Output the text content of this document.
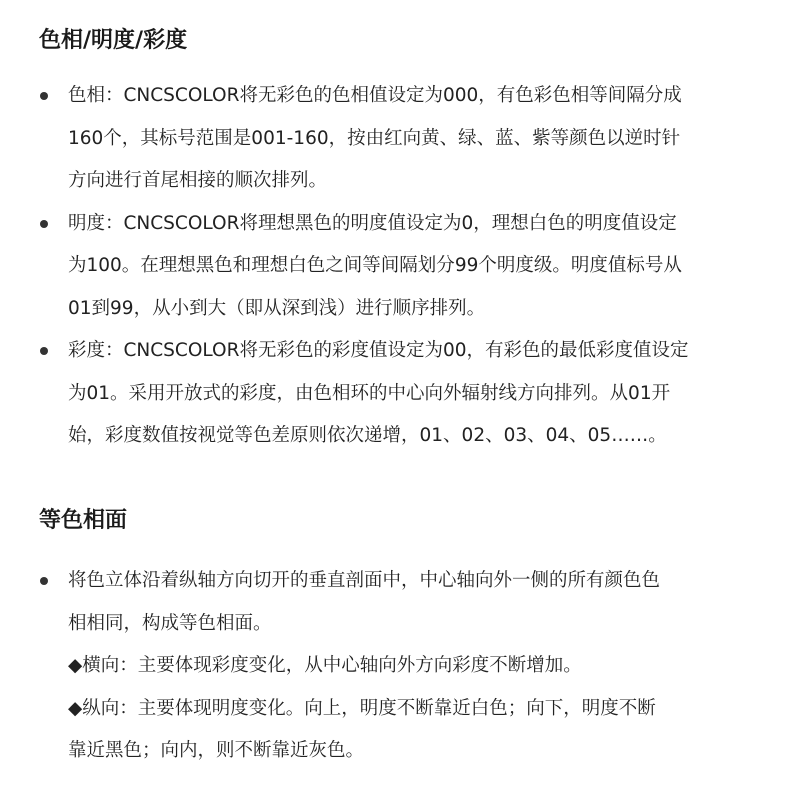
色相/明度/彩度
色相：CNCSCOLOR将无彩色的色相值设定为000，有色彩色相等间隔分成
160个，其标号范围是001-160，按由红向黄、绿、蓝、紫等颜色以逆时针
方向进行首尾相接的顺次排列。
明度：CNCSCOLOR将理想黑色的明度值设定为0，理想白色的明度值设定
为100。在理想黑色和理想白色之间等间隔划分99个明度级。明度值标号从
01到99，从小到大（即从深到浅）进行顺序排列。
彩度：CNCSCOLOR将无彩色的彩度值设定为00，有彩色的最低彩度值设定
为01。采用开放式的彩度，由色相环的中心向外辐射线方向排列。从01开
始，彩度数值按视觉等色差原则依次递增，01、02、03、04、05……。
等色相面
将色立体沿着纵轴方向切开的垂直剖面中，中心轴向外一侧的所有颜色色
相相同，构成等色相面。
◆横向：主要体现彩度变化，从中心轴向外方向彩度不断增加。
◆纵向：主要体现明度变化。向上，明度不断靠近白色；向下，明度不断
靠近黑色；向内，则不断靠近灰色。
